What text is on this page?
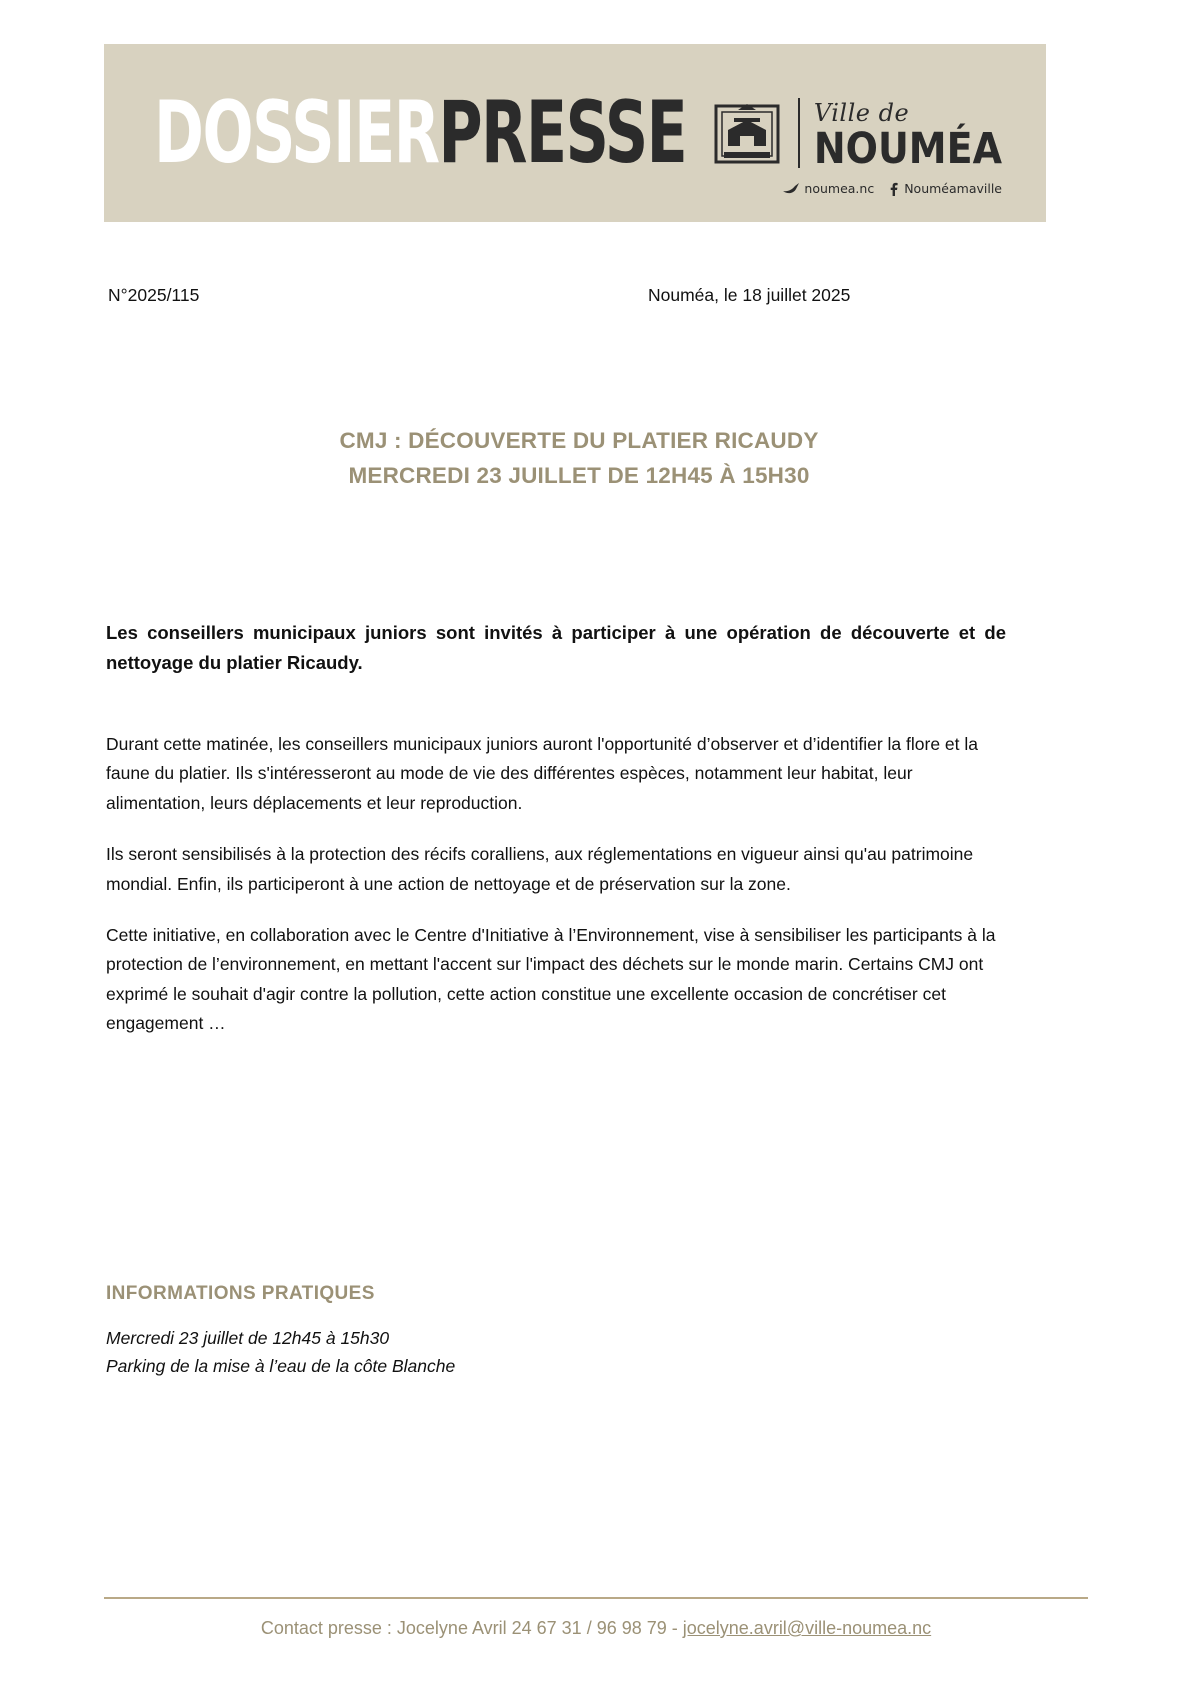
DOSSIERPRESSE	Ville de
NOUMÉA
noumea.nc Nouméamaville
N°2025/115	Nouméa, le 18 juillet 2025
CMJ : DÉCOUVERTE DU PLATIER RICAUDY
MERCREDI 23 JUILLET DE 12H45 À 15H30
Les conseillers municipaux juniors sont invités à participer à une opération de découverte et de nettoyage du platier Ricaudy.

Durant cette matinée, les conseillers municipaux juniors auront l'opportunité d’observer et d’identifier la flore et la faune du platier. Ils s'intéresseront au mode de vie des différentes espèces, notamment leur habitat, leur alimentation, leurs déplacements et leur reproduction.

Ils seront sensibilisés à la protection des récifs coralliens, aux réglementations en vigueur ainsi qu'au patrimoine mondial. Enfin, ils participeront à une action de nettoyage et de préservation sur la zone.

Cette initiative, en collaboration avec le Centre d'Initiative à l’Environnement, vise à sensibiliser les participants à la protection de l’environnement, en mettant l'accent sur l'impact des déchets sur le monde marin. Certains CMJ ont exprimé le souhait d'agir contre la pollution, cette action constitue une excellente occasion de concrétiser cet engagement …

INFORMATIONS PRATIQUES
Mercredi 23 juillet de 12h45 à 15h30
Parking de la mise à l’eau de la côte Blanche
Contact presse : Jocelyne Avril 24 67 31 / 96 98 79 - jocelyne.avril@ville-noumea.nc
